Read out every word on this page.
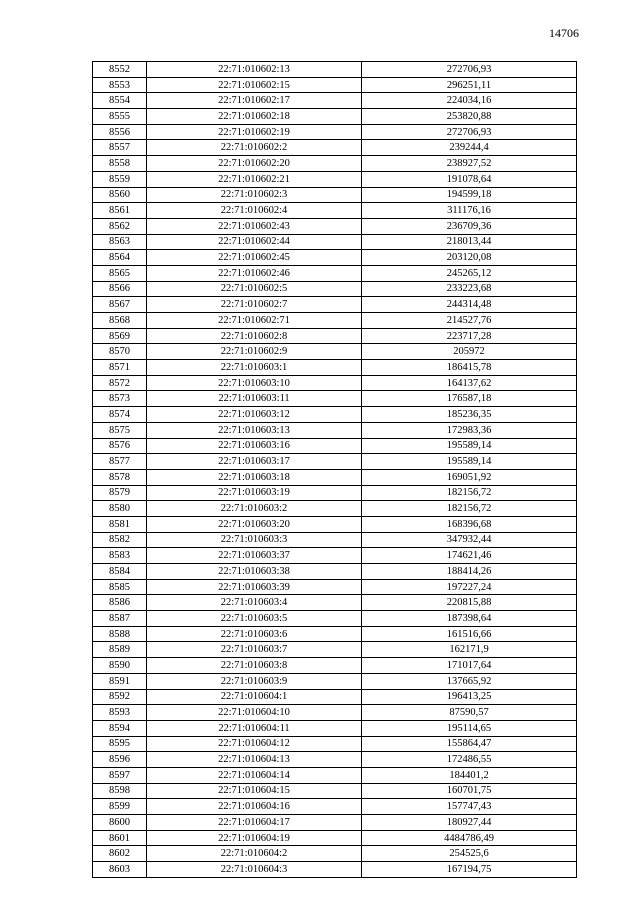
14706
8552	22:71:010602:13	272706,93
8553	22:71:010602:15	296251,11
8554	22:71:010602:17	224034,16
8555	22:71:010602:18	253820,88
8556	22:71:010602:19	272706,93
8557	22:71:010602:2	239244,4
8558	22:71:010602:20	238927,52
8559	22:71:010602:21	191078,64
8560	22:71:010602:3	194599,18
8561	22:71:010602:4	311176,16
8562	22:71:010602:43	236709,36
8563	22:71:010602:44	218013,44
8564	22:71:010602:45	203120,08
8565	22:71:010602:46	245265,12
8566	22:71:010602:5	233223,68
8567	22:71:010602:7	244314,48
8568	22:71:010602:71	214527,76
8569	22:71:010602:8	223717,28
8570	22:71:010602:9	205972
8571	22:71:010603:1	186415,78
8572	22:71:010603:10	164137,62
8573	22:71:010603:11	176587,18
8574	22:71:010603:12	185236,35
8575	22:71:010603:13	172983,36
8576	22:71:010603:16	195589,14
8577	22:71:010603:17	195589,14
8578	22:71:010603:18	169051,92
8579	22:71:010603:19	182156,72
8580	22:71:010603:2	182156,72
8581	22:71:010603:20	168396,68
8582	22:71:010603:3	347932,44
8583	22:71:010603:37	174621,46
8584	22:71:010603:38	188414,26
8585	22:71:010603:39	197227,24
8586	22:71:010603:4	220815,88
8587	22:71:010603:5	187398,64
8588	22:71:010603:6	161516,66
8589	22:71:010603:7	162171,9
8590	22:71:010603:8	171017,64
8591	22:71:010603:9	137665,92
8592	22:71:010604:1	196413,25
8593	22:71:010604:10	87590,57
8594	22:71:010604:11	195114,65
8595	22:71:010604:12	155864,47
8596	22:71:010604:13	172486,55
8597	22:71:010604:14	184401,2
8598	22:71:010604:15	160701,75
8599	22:71:010604:16	157747,43
8600	22:71:010604:17	180927,44
8601	22:71:010604:19	4484786,49
8602	22:71:010604:2	254525,6
8603	22:71:010604:3	167194,75
